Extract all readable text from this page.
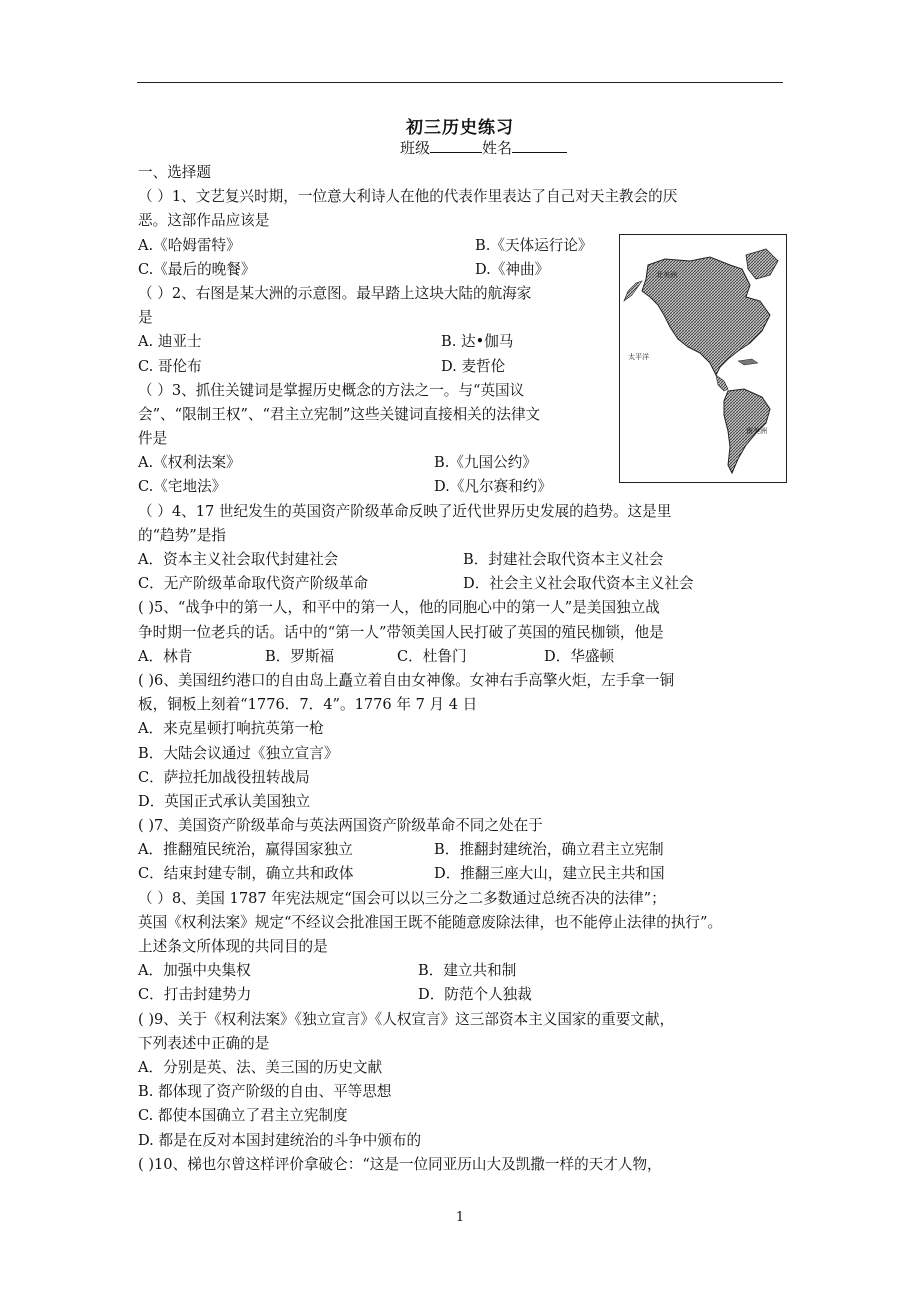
初三历史练习
班级	姓名
北美洲
太平洋
南美洲
一、选择题
（ ）1、文艺复兴时期，一位意大利诗人在他的代表作里表达了自己对天主教会的厌
恶。这部作品应该是
A.《哈姆雷特》	B.《天体运行论》
C.《最后的晚餐》	D.《神曲》
（ ）2、右图是某大洲的示意图。最早踏上这块大陆的航海家
是
A. 迪亚士	B. 达•伽马
C. 哥伦布	D. 麦哲伦
（ ）3、抓住关键词是掌握历史概念的方法之一。与“英国议
会”、“限制王权”、“君主立宪制”这些关键词直接相关的法律文
件是
A.《权利法案》	B.《九国公约》
C.《宅地法》	D.《凡尔赛和约》
（ ）4、17 世纪发生的英国资产阶级革命反映了近代世界历史发展的趋势。这是里
的“趋势”是指
A．资本主义社会取代封建社会	B．封建社会取代资本主义社会
C．无产阶级革命取代资产阶级革命	D．社会主义社会取代资本主义社会
( )5、“战争中的第一人，和平中的第一人，他的同胞心中的第一人”是美国独立战
争时期一位老兵的话。话中的“第一人”带领美国人民打破了英国的殖民枷锁，他是
A．林肯	B．罗斯福	C．杜鲁门	D．华盛顿
( )6、美国纽约港口的自由岛上矗立着自由女神像。女神右手高擎火炬，左手拿一铜
板，铜板上刻着“1776．7．4”。1776 年 7 月 4 日
A．来克星顿打响抗英第一枪
B．大陆会议通过《独立宣言》
C．萨拉托加战役扭转战局
D．英国正式承认美国独立
( )7、美国资产阶级革命与英法两国资产阶级革命不同之处在于
A．推翻殖民统治，赢得国家独立	B．推翻封建统治，确立君主立宪制
C．结束封建专制，确立共和政体	D．推翻三座大山，建立民主共和国
（ ）8、美国 1787 年宪法规定“国会可以以三分之二多数通过总统否决的法律”；
英国《权利法案》规定“不经议会批准国王既不能随意废除法律，也不能停止法律的执行”。
上述条文所体现的共同目的是
A．加强中央集权	B．建立共和制
C．打击封建势力	D．防范个人独裁
( )9、关于《权利法案》《独立宣言》《人权宣言》这三部资本主义国家的重要文献，
下列表述中正确的是
A．分别是英、法、美三国的历史文献
B. 都体现了资产阶级的自由、平等思想
C. 都使本国确立了君主立宪制度
D. 都是在反对本国封建统治的斗争中颁布的
( )10、梯也尔曾这样评价拿破仑：“这是一位同亚历山大及凯撒一样的天才人物，
1
